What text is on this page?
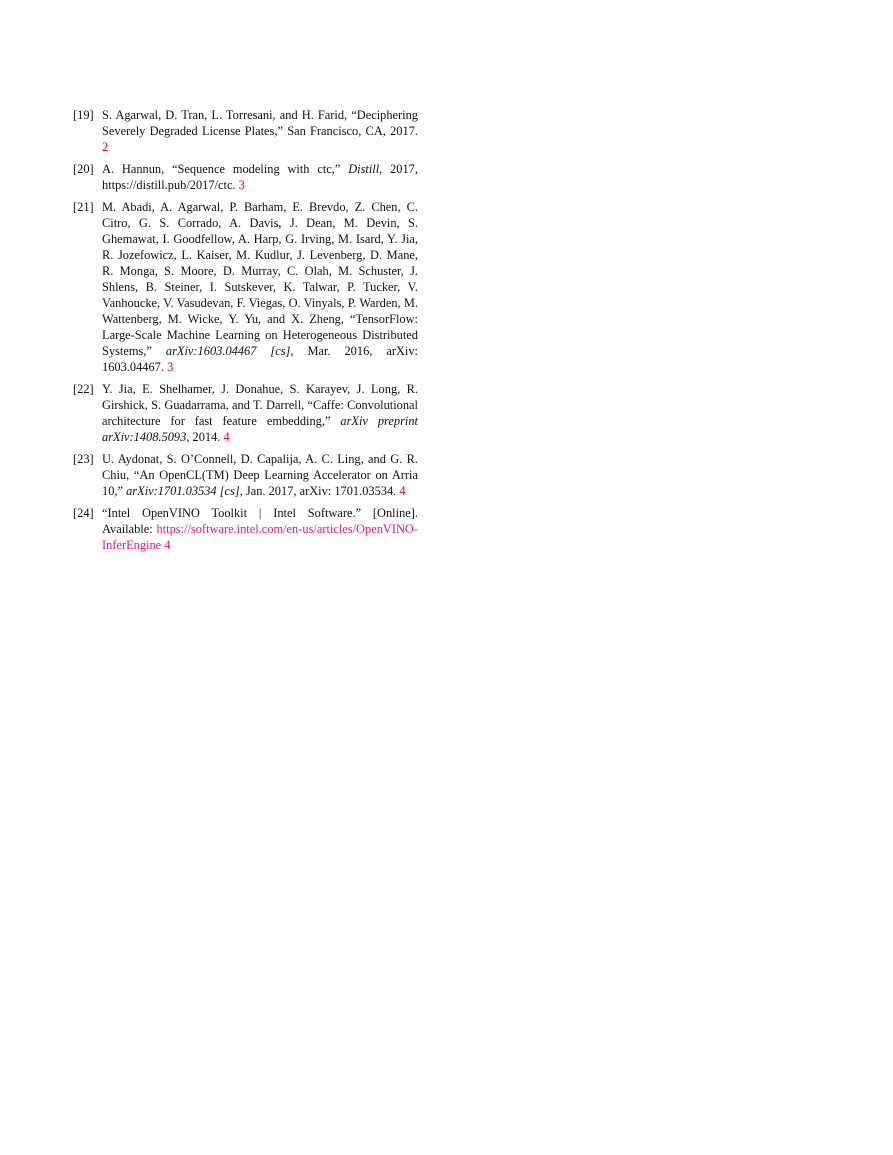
[19] S. Agarwal, D. Tran, L. Torresani, and H. Farid, “Deciphering Severely Degraded License Plates,” San Francisco, CA, 2017. 2
[20] A. Hannun, “Sequence modeling with ctc,” Distill, 2017, https://distill.pub/2017/ctc. 3
[21] M. Abadi, A. Agarwal, P. Barham, E. Brevdo, Z. Chen, C. Citro, G. S. Corrado, A. Davis, J. Dean, M. Devin, S. Ghemawat, I. Goodfellow, A. Harp, G. Irving, M. Isard, Y. Jia, R. Jozefowicz, L. Kaiser, M. Kudlur, J. Levenberg, D. Mane, R. Monga, S. Moore, D. Murray, C. Olah, M. Schuster, J. Shlens, B. Steiner, I. Sutskever, K. Talwar, P. Tucker, V. Vanhoucke, V. Vasudevan, F. Viegas, O. Vinyals, P. Warden, M. Wattenberg, M. Wicke, Y. Yu, and X. Zheng, “TensorFlow: Large-Scale Machine Learning on Heterogeneous Distributed Systems,” arXiv:1603.04467 [cs], Mar. 2016, arXiv: 1603.04467. 3
[22] Y. Jia, E. Shelhamer, J. Donahue, S. Karayev, J. Long, R. Girshick, S. Guadarrama, and T. Darrell, “Caffe: Convolutional architecture for fast feature embedding,” arXiv preprint arXiv:1408.5093, 2014. 4
[23] U. Aydonat, S. O’Connell, D. Capalija, A. C. Ling, and G. R. Chiu, “An OpenCL(TM) Deep Learning Accelerator on Arria 10,” arXiv:1701.03534 [cs], Jan. 2017, arXiv: 1701.03534. 4
[24] “Intel OpenVINO Toolkit | Intel Software.” [Online]. Available: https://software.intel.com/en-us/articles/OpenVINO-InferEngine 4
